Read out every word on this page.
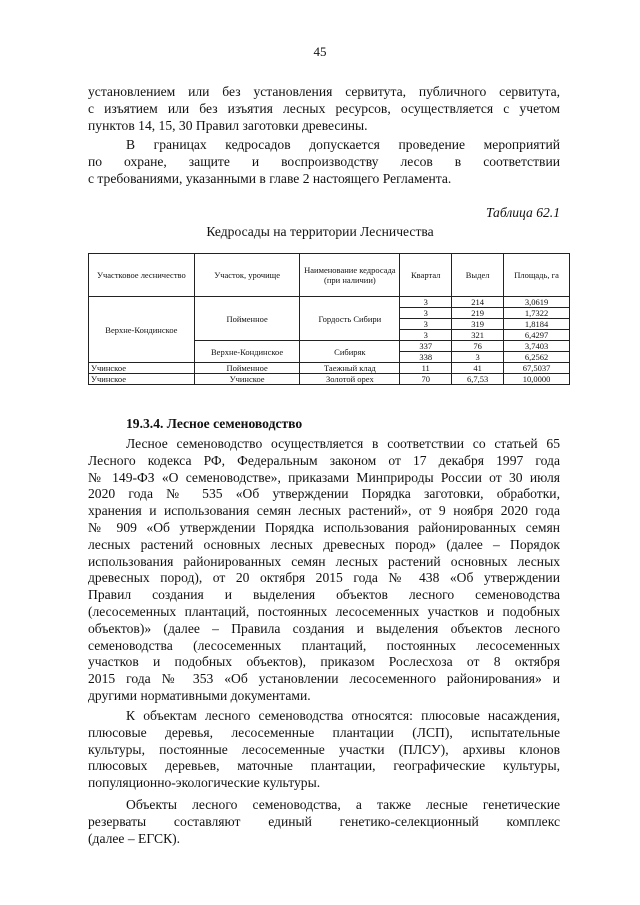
45
установлением или без установления сервитута, публичного сервитута,
с изъятием или без изъятия лесных ресурсов, осуществляется с учетом
пунктов 14, 15, 30 Правил заготовки древесины.
В границах кедросадов допускается проведение мероприятий
по охране, защите и воспроизводству лесов в соответствии
с требованиями, указанными в главе 2 настоящего Регламента.
Таблица 62.1
Кедросады на территории Лесничества
Участковое лесничество	Участок, урочище	Наименование кедросада (при наличии)	Квартал	Выдел	Площадь, га
Верхне-Кондинское	Пойменное	Гордость Сибири	3	214	3,0619
			3	219	1,7322
			3	319	1,8184
			3	321	6,4297
	Верхне-Кондинское	Сибиряк	337	76	3,7403
			338	3	6,2562
Учинское	Пойменное	Таежный клад	11	41	67,5037
Учинское	Учинское	Золотой орех	70	6,7,53	10,0000
19.3.4. Лесное семеноводство
Лесное семеноводство осуществляется в соответствии со статьей 65
Лесного кодекса РФ, Федеральным законом от 17 декабря 1997 года
№ 149-ФЗ «О семеноводстве», приказами Минприроды России от 30 июля
2020 года № 535 «Об утверждении Порядка заготовки, обработки,
хранения и использования семян лесных растений», от 9 ноября 2020 года
№ 909 «Об утверждении Порядка использования районированных семян
лесных растений основных лесных древесных пород» (далее – Порядок
использования районированных семян лесных растений основных лесных
древесных пород), от 20 октября 2015 года № 438 «Об утверждении
Правил создания и выделения объектов лесного семеноводства
(лесосеменных плантаций, постоянных лесосеменных участков и подобных
объектов)» (далее – Правила создания и выделения объектов лесного
семеноводства (лесосеменных плантаций, постоянных лесосеменных
участков и подобных объектов), приказом Рослесхоза от 8 октября
2015 года № 353 «Об установлении лесосеменного районирования» и
другими нормативными документами.
К объектам лесного семеноводства относятся: плюсовые насаждения,
плюсовые деревья, лесосеменные плантации (ЛСП), испытательные
культуры, постоянные лесосеменные участки (ПЛСУ), архивы клонов
плюсовых деревьев, маточные плантации, географические культуры,
популяционно-экологические культуры.
Объекты лесного семеноводства, а также лесные генетические
резерваты составляют единый генетико-селекционный комплекс
(далее – ЕГСК).
